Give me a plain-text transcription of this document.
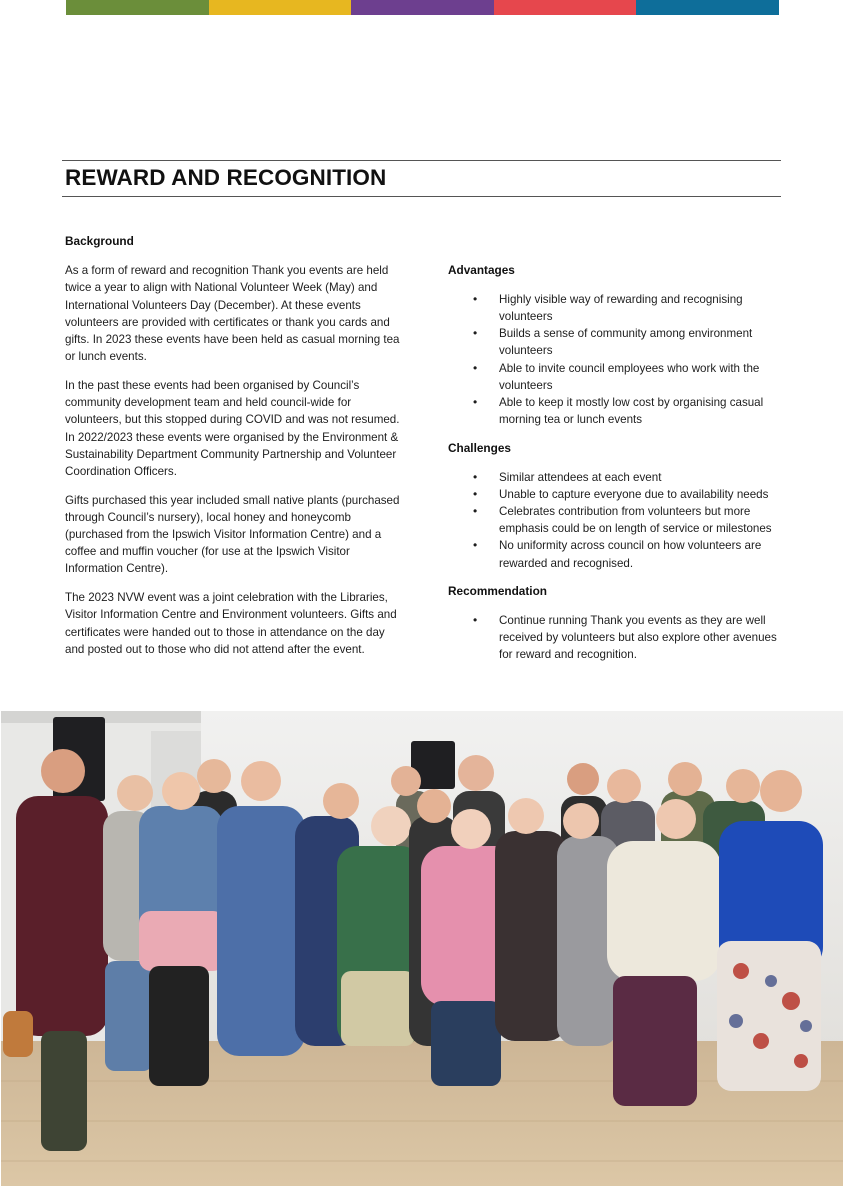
REWARD AND RECOGNITION
Background

As a form of reward and recognition Thank you events are held twice a year to align with National Volunteer Week (May) and International Volunteers Day (December). At these events volunteers are provided with certificates or thank you cards and gifts. In 2023 these events have been held as casual morning tea or lunch events.

In the past these events had been organised by Council’s community development team and held council-wide for volunteers, but this stopped during COVID and was not resumed. In 2022/2023 these events were organised by the Environment & Sustainability Department Community Partnership and Volunteer Coordination Officers.

Gifts purchased this year included small native plants (purchased through Council’s nursery), local honey and honeycomb (purchased from the Ipswich Visitor Information Centre) and a coffee and muffin voucher (for use at the Ipswich Visitor Information Centre).

The 2023 NVW event was a joint celebration with the Libraries, Visitor Information Centre and Environment volunteers. Gifts and certificates were handed out to those in attendance on the day and posted out to those who did not attend after the event.

Advantages
• Highly visible way of rewarding and recognising volunteers
• Builds a sense of community among environment volunteers
• Able to invite council employees who work with the volunteers
• Able to keep it mostly low cost by organising casual morning tea or lunch events
Challenges
• Similar attendees at each event
• Unable to capture everyone due to availability needs
• Celebrates contribution from volunteers but more emphasis could be on length of service or milestones
• No uniformity across council on how volunteers are rewarded and recognised.
Recommendation
• Continue running Thank you events as they are well received by volunteers but also explore other avenues for reward and recognition.
